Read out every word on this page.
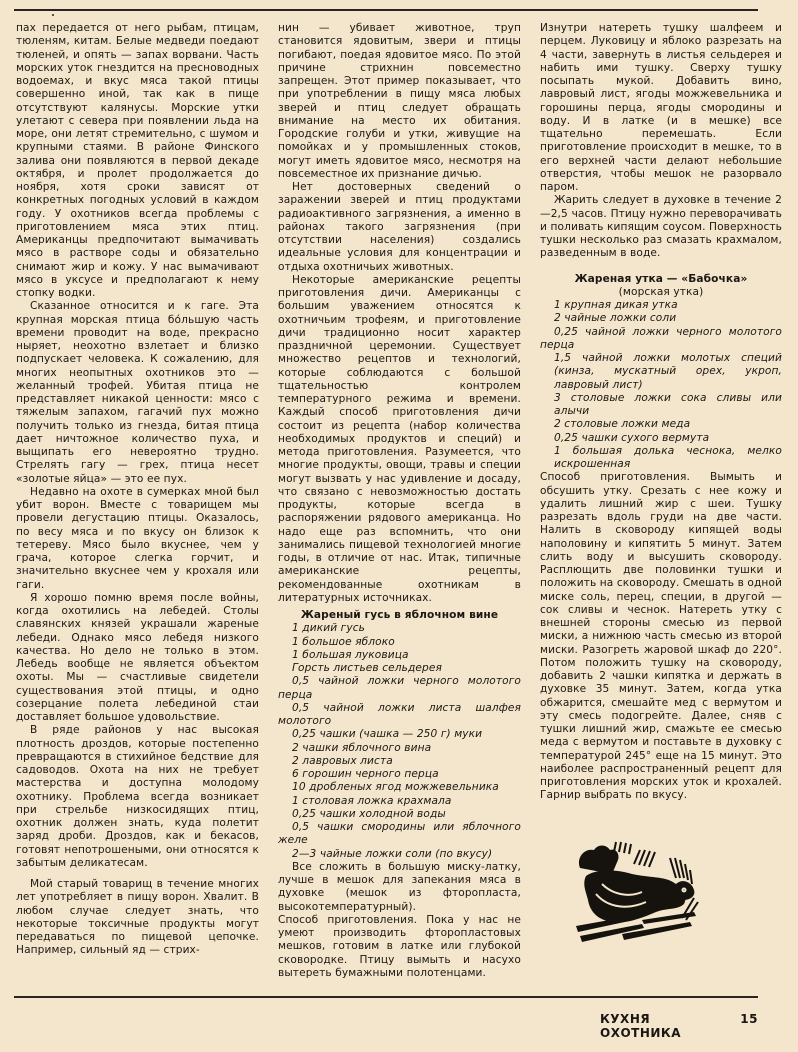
пах передается от него рыбам, птицам, тюленям, китам. Белые медведи поедают тюленей, и опять — запах ворвани. Часть морских уток гнездится на пресноводных водоемах, и вкус мяса такой птицы совершенно иной, так как в пище отсутствуют калянусы. Морские утки улетают с севера при появлении льда на море, они летят стремительно, с шумом и крупными стаями. В районе Финского залива они появляются в первой декаде октября, и пролет продолжается до ноября, хотя сроки зависят от конкретных погодных условий в каждом году. У охотников всегда проблемы с приготовлением мяса этих птиц. Американцы предпочитают вымачивать мясо в растворе соды и обязательно снимают жир и кожу. У нас вымачивают мясо в уксусе и предполагают к нему стопку водки.

Сказанное относится и к гаге. Эта крупная морская птица бо́льшую часть времени проводит на воде, прекрасно ныряет, неохотно взлетает и близко подпускает человека. К сожалению, для многих неопытных охотников это — желанный трофей. Убитая птица не представляет никакой ценности: мясо с тяжелым запахом, гагачий пух можно получить только из гнезда, битая птица дает ничтожное количество пуха, и выщипать его невероятно трудно. Стрелять гагу — грех, птица несет «золотые яйца» — это ее пух.

Недавно на охоте в сумерках мной был убит ворон. Вместе с товарищем мы провели дегустацию птицы. Оказалось, по весу мяса и по вкусу он близок к тетереву. Мясо было вкуснее, чем у грача, которое слегка горчит, и значительно вкуснее чем у крохаля или гаги.

Я хорошо помню время после войны, когда охотились на лебедей. Столы славянских князей украшали жареные лебеди. Однако мясо лебедя низкого качества. Но дело не только в этом. Лебедь вообще не является объектом охоты. Мы — счастливые свидетели существования этой птицы, и одно созерцание полета лебединой стаи доставляет большое удовольствие.

В ряде районов у нас высокая плотность дроздов, которые постепенно превращаются в стихийное бедствие для садоводов. Охота на них не требует мастерства и доступна молодому охотнику. Проблема всегда возникает при стрельбе низкосидящих птиц, охотник должен знать, куда полетит заряд дроби. Дроздов, как и бекасов, готовят непотрошеными, они относятся к забытым деликатесам.

Мой старый товарищ в течение многих лет употребляет в пищу ворон. Хвалит. В любом случае следует знать, что некоторые токсичные продукты могут передаваться по пищевой цепочке. Например, сильный яд — стрих-

нин — убивает животное, труп становится ядовитым, звери и птицы погибают, поедая ядовитое мясо. По этой причине стрихнин повсеместно запрещен. Этот пример показывает, что при употреблении в пищу мяса любых зверей и птиц следует обращать внимание на место их обитания. Городские голуби и утки, живущие на помойках и у промышленных стоков, могут иметь ядовитое мясо, несмотря на повсеместное их признание дичью.

Нет достоверных сведений о заражении зверей и птиц продуктами радиоактивного загрязнения, а именно в районах такого загрязнения (при отсутствии населения) создались идеальные условия для концентрации и отдыха охотничьих животных.

Некоторые американские рецепты приготовления дичи. Американцы с большим уважением относятся к охотничьим трофеям, и приготовление дичи традиционно носит характер праздничной церемонии. Существует множество рецептов и технологий, которые соблюдаются с большой тщательностью контролем температурного режима и времени. Каждый способ приготовления дичи состоит из рецепта (набор количества необходимых продуктов и специй) и метода приготовления. Разумеется, что многие продукты, овощи, травы и специи могут вызвать у нас удивление и досаду, что связано с невозможностью достать продукты, которые всегда в распоряжении рядового американца. Но надо еще раз вспомнить, что они занимались пищевой технологией многие годы, в отличие от нас. Итак, типичные американские рецепты, рекомендованные охотникам в литературных источниках.

Жареный гусь в яблочном вине

1 дикий гусь
1 большое яблоко
1 большая луковица
Горсть листьев сельдерея
0,5 чайной ложки черного молотого перца
0,5 чайной ложки листа шалфея молотого
0,25 чашки (чашка — 250 г) муки
2 чашки яблочного вина
2 лавровых листа
6 горошин черного перца
10 дробленых ягод можжевельника
1 столовая ложка крахмала
0,25 чашки холодной воды
0,5 чашки смородины или яблочного желе
2—3 чайные ложки соли (по вкусу)

Все сложить в большую миску-латку, лучше в мешок для запекания мяса в духовке (мешок из фторопласта, высокотемпературный).

Способ приготовления. Пока у нас не умеют производить фторопластовых мешков, готовим в латке или глубокой сковородке. Птицу вымыть и насухо вытереть бумажными полотенцами.

Изнутри натереть тушку шалфеем и перцем. Луковицу и яблоко разрезать на 4 части, завернуть в листья сельдерея и набить ими тушку. Сверху тушку посыпать мукой. Добавить вино, лавровый лист, ягоды можжевельника и горошины перца, ягоды смородины и воду. И в латке (и в мешке) все тщательно перемешать. Если приготовление происходит в мешке, то в его верхней части делают небольшие отверстия, чтобы мешок не разорвало паром.

Жарить следует в духовке в течение 2—2,5 часов. Птицу нужно переворачивать и поливать кипящим соусом. Поверхность тушки несколько раз смазать крахмалом, разведенным в воде.

Жареная утка — «Бабочка»

(морская утка)

1 крупная дикая утка
2 чайные ложки соли
0,25 чайной ложки черного молотого перца
1,5 чайной ложки молотых специй (кинза, мускатный орех, укроп, лавровый лист)
3 столовые ложки сока сливы или алычи
2 столовые ложки меда
0,25 чашки сухого вермута
1 большая долька чеснока, мелко искрошенная

Способ приготовления. Вымыть и обсушить утку. Срезать с нее кожу и удалить лишний жир с шеи. Тушку разрезать вдоль груди на две части. Налить в сковороду кипящей воды наполовину и кипятить 5 минут. Затем слить воду и высушить сковороду. Расплющить две половинки тушки и положить на сковороду. Смешать в одной миске соль, перец, специи, в другой — сок сливы и чеснок. Натереть утку с внешней стороны смесью из первой миски, а нижнюю часть смесью из второй миски. Разогреть жаровой шкаф до 220°. Потом положить тушку на сковороду, добавить 2 чашки кипятка и держать в духовке 35 минут. Затем, когда утка обжарится, смешайте мед с вермутом и эту смесь подогрейте. Далее, сняв с тушки лишний жир, смажьте ее смесью меда с вермутом и поставьте в духовку с температурой 245° еще на 15 минут. Это наиболее распространенный рецепт для приготовления морских уток и крохалей. Гарнир выбрать по вкусу.

КУХНЯ ОХОТНИКА
15
